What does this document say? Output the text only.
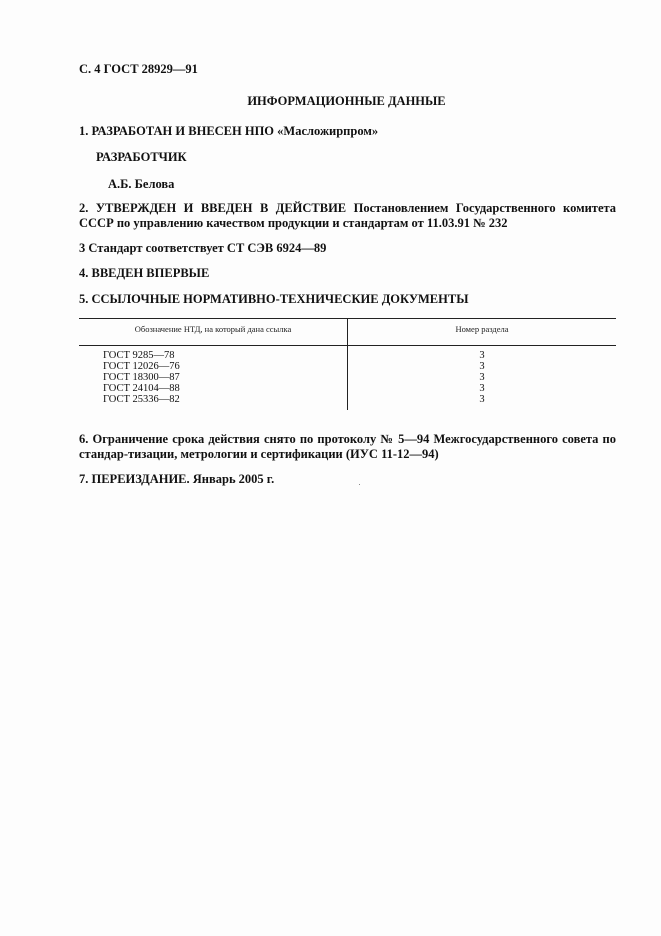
С. 4 ГОСТ 28929—91
ИНФОРМАЦИОННЫЕ ДАННЫЕ
1. РАЗРАБОТАН И ВНЕСЕН НПО «Масложирпром»
РАЗРАБОТЧИК
А.Б. Белова
2. УТВЕРЖДЕН И ВВЕДЕН В ДЕЙСТВИЕ Постановлением Государственного комитета СССР по управлению качеством продукции и стандартам от 11.03.91 № 232
3 Стандарт соответствует СТ СЭВ 6924—89
4. ВВЕДЕН ВПЕРВЫЕ
5. ССЫЛОЧНЫЕ НОРМАТИВНО-ТЕХНИЧЕСКИЕ ДОКУМЕНТЫ
Обозначение НТД, на который дана ссылка	Номер раздела
ГОСТ 9285—78	3
ГОСТ 12026—76	3
ГОСТ 18300—87	3
ГОСТ 24104—88	3
ГОСТ 25336—82	3
6. Ограничение срока действия снято по протоколу № 5—94 Межгосударственного совета по стандар-тизации, метрологии и сертификации (ИУС 11-12—94)
7. ПЕРЕИЗДАНИЕ. Январь 2005 г.
